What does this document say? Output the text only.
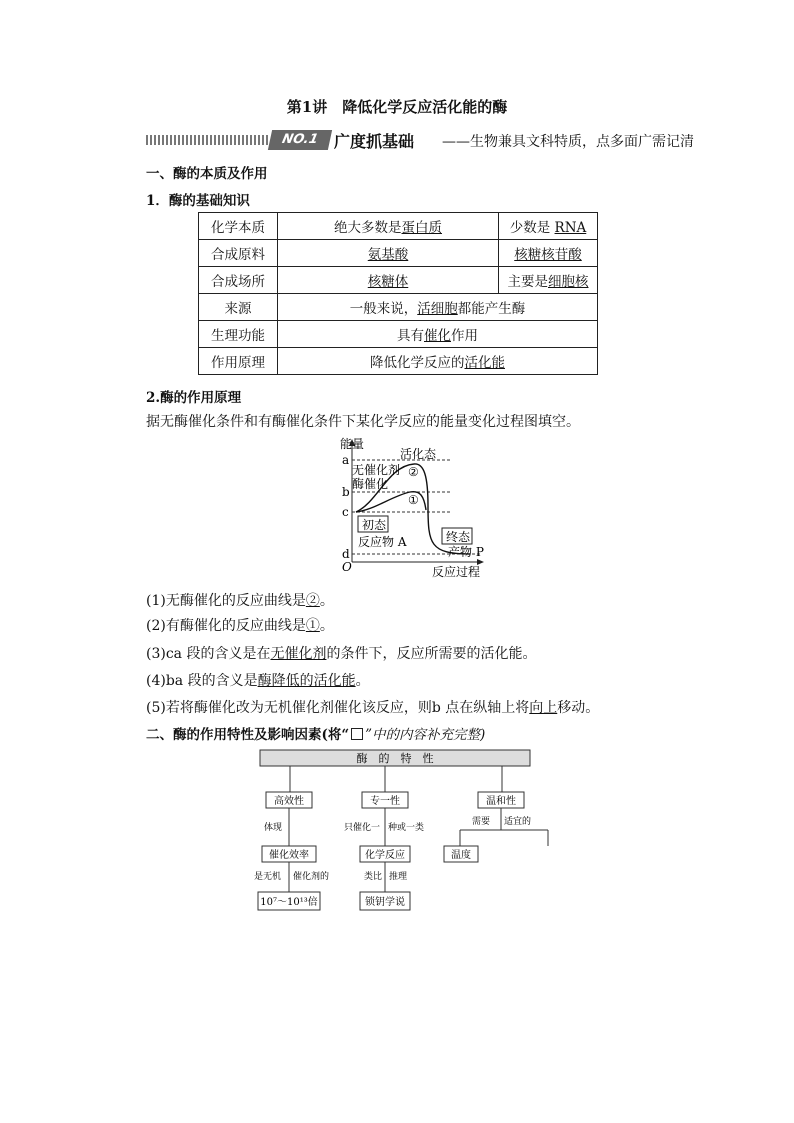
第1讲　降低化学反应活化能的酶
NO.1 广度抓基础 ——生物兼具文科特质，点多面广需记清
一、酶的本质及作用
1．酶的基础知识
化学本质	绝大多数是蛋白质	少数是 RNA
合成原料	氨基酸	核糖核苷酸
合成场所	核糖体	主要是细胞核
来源	一般来说，活细胞都能产生酶	
生理功能	具有催化作用	
作用原理	降低化学反应的活化能	
2.酶的作用原理
据无酶催化条件和有酶催化条件下某化学反应的能量变化过程图填空。
能量
a
b
c
d
O
活化态
无催化剂
酶催化
②
①
初态
反应物 A	终态
产物 P
反应过程
(1)无酶催化的反应曲线是②。
(2)有酶催化的反应曲线是①。
(3)ca 段的含义是在无催化剂的条件下，反应所需要的活化能。
(4)ba 段的含义是酶降低的活化能。
(5)若将酶催化改为无机催化剂催化该反应，则b 点在纵轴上将向上移动。
二、酶的作用特性及影响因素(将“ ”中的内容补充完整)
酶　的　特　性
高效性
体现
催化效率
是无机 催化剂的
10⁷～10¹³倍
专一性
只催化一 种或一类
化学反应
类比 推理
锁钥学说
温和性
需要 适宜的
温度
